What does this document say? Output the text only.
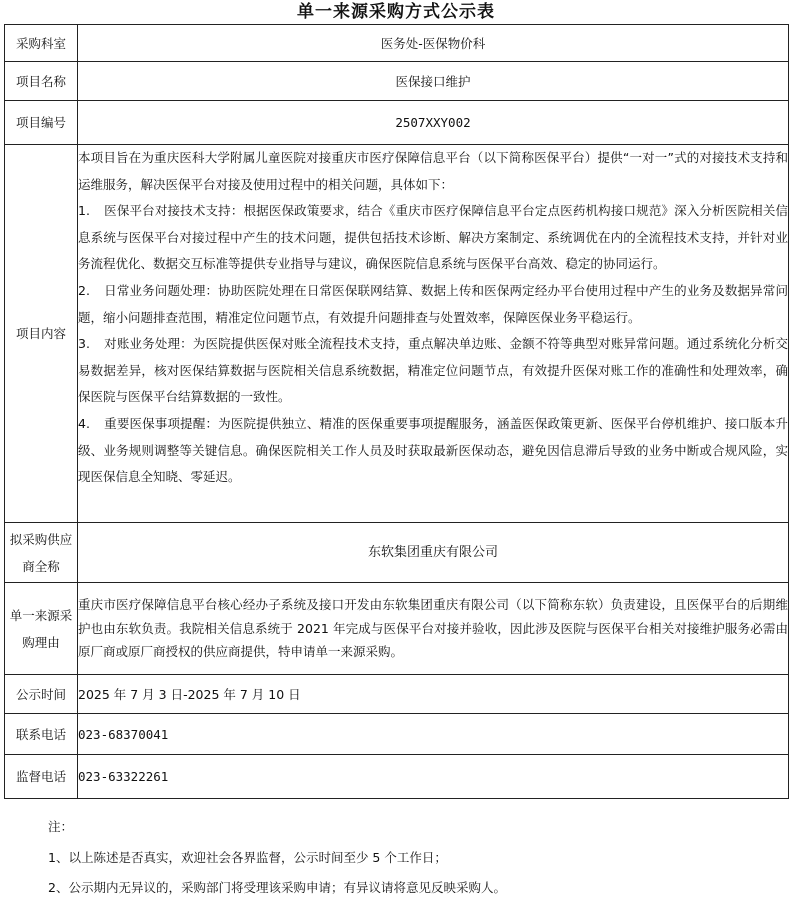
单一来源采购方式公示表
采购科室	医务处-医保物价科
项目名称	医保接口维护
项目编号	2507XXY002
项目内容	本项目旨在为重庆医科大学附属儿童医院对接重庆市医疗保障信息平台（以下简称医保平台）提供“一对一”式的对接技术支持和运维服务，解决医保平台对接及使用过程中的相关问题，具体如下：

1. 医保平台对接技术支持：根据医保政策要求，结合《重庆市医疗保障信息平台定点医药机构接口规范》深入分析医院相关信息系统与医保平台对接过程中产生的技术问题，提供包括技术诊断、解决方案制定、系统调优在内的全流程技术支持，并针对业务流程优化、数据交互标准等提供专业指导与建议，确保医院信息系统与医保平台高效、稳定的协同运行。

2. 日常业务问题处理：协助医院处理在日常医保联网结算、数据上传和医保两定经办平台使用过程中产生的业务及数据异常问题，缩小问题排查范围，精准定位问题节点，有效提升问题排查与处置效率，保障医保业务平稳运行。

3. 对账业务处理：为医院提供医保对账全流程技术支持，重点解决单边账、金额不符等典型对账异常问题。通过系统化分析交易数据差异，核对医保结算数据与医院相关信息系统数据，精准定位问题节点，有效提升医保对账工作的准确性和处理效率，确保医院与医保平台结算数据的一致性。

4. 重要医保事项提醒：为医院提供独立、精准的医保重要事项提醒服务，涵盖医保政策更新、医保平台停机维护、接口版本升级、业务规则调整等关键信息。确保医院相关工作人员及时获取最新医保动态，避免因信息滞后导致的业务中断或合规风险，实现医保信息全知晓、零延迟。

拟采购供应商全称	东软集团重庆有限公司
单一来源采购理由	重庆市医疗保障信息平台核心经办子系统及接口开发由东软集团重庆有限公司（以下简称东软）负责建设，且医保平台的后期维护也由东软负责。我院相关信息系统于 2021 年完成与医保平台对接并验收，因此涉及医院与医保平台相关对接维护服务必需由原厂商或原厂商授权的供应商提供，特申请单一来源采购。

公示时间	2025 年 7 月 3 日-2025 年 7 月 10 日
联系电话	023-68370041
监督电话	023-63322261
注：
1、以上陈述是否真实，欢迎社会各界监督，公示时间至少 5 个工作日；
2、公示期内无异议的，采购部门将受理该采购申请；有异议请将意见反映采购人。
